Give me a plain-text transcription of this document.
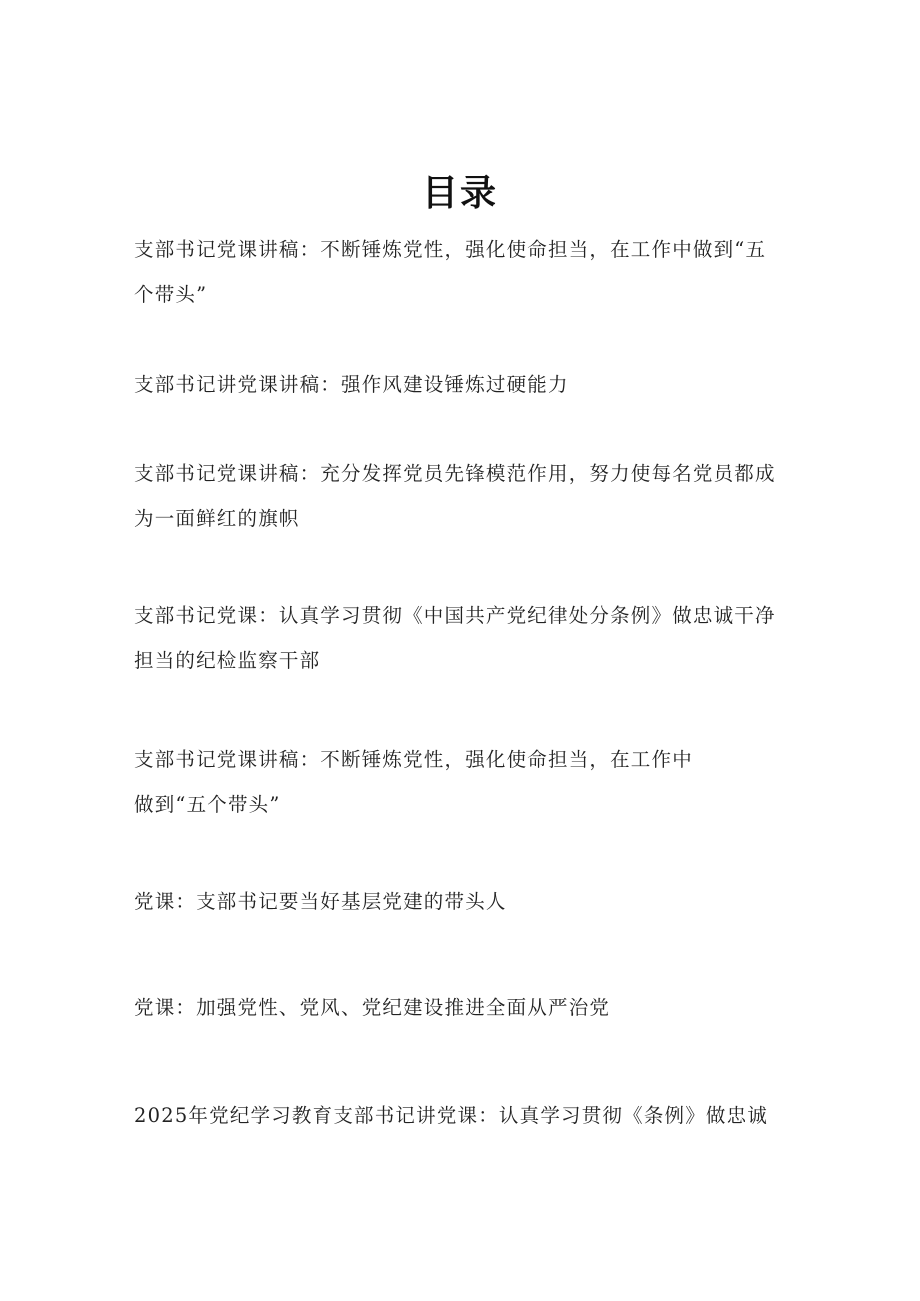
目录
支部书记党课讲稿：不断锤炼党性，强化使命担当，在工作中做到“五
个带头”
支部书记讲党课讲稿：强作风建设锤炼过硬能力
支部书记党课讲稿：充分发挥党员先锋模范作用，努力使每名党员都成
为一面鲜红的旗帜
支部书记党课：认真学习贯彻《中国共产党纪律处分条例》做忠诚干净
担当的纪检监察干部
支部书记党课讲稿：不断锤炼党性，强化使命担当，在工作中
做到“五个带头”
党课：支部书记要当好基层党建的带头人
党课：加强党性、党风、党纪建设推进全面从严治党
2025年党纪学习教育支部书记讲党课：认真学习贯彻《条例》做忠诚
